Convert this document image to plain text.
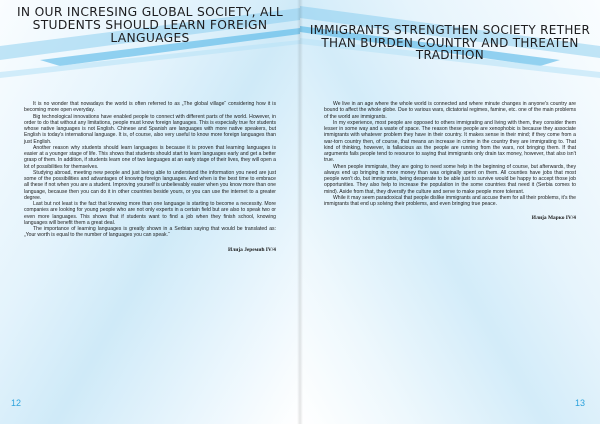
IN OUR INCRESING GLOBAL SOCIETY, ALL STUDENTS SHOULD LEARN FOREIGN LANGUAGES

It is no wonder that nowadays the world is often referred to as „The global village“ considering how it is becoming more open everyday.

Big technological innovations have enabled people to connect with different parts of the world. However, in order to do that without any limitations, people must know foreign languages. This is especially true for students whose native languages is not English. Chinese and Spanish are languages with more native speakers, but English is today's international language. It is, of course, also very useful to know more foreign languages than just English.

Another reason why students should learn languages is because it is proven that learning languages is easier at a younger stage of life. This shows that students should start to learn languages early and get a better grasp of them. In addition, if students learn one of two languages at an early stage of their lives, they will open a lot of possibilities for themselves.

Studying abroad, meeting new people and just being able to understand the information you need are just some of the possibilities and advantages of knowing foreign languages. And when is the best time to embrace all these if not when you are a student. Improving yourself is unbelievably easier when you know more than one language, because then you can do it in other countries beside yours, or you can use the internet to a greater degree.

Last but not least is the fact that knowing more than one language is starting to become a necessity. More companies are looking for young people who are not only experts in a certain field but are also to speak two or even more languages. This shows that if students want to find a job when they finish school, knowing languages will benefit them a great deal.

The importance of learning languages is greatly shown in a Serbian saying that would be translated as: „Your worth is equal to the number of languages you can speak.“

Илија Јеремић IV/4
12
IMMIGRANTS STRENGTHEN SOCIETY RETHER THAN BURDEN COUNTRY AND THREATEN TRADITION

We live in an age where the whole world is connected and where minute changes in anyone's country are bound to affect the whole globe. Due to various wars, dictatorial regimes, famine, etc. one of the main problems of the world are immigrants.

In my experience, most people are opposed to others immigrating and living with them, they consider them lesser in some way and a waste of space. The reason these people are xenophobic is because they associate immigrants with whatever problem they have in their country. It makes sense in their mind; if they come from a war-torn country then, of course, that means an increase in crime in the country they are immigrating to. That kind of thinking, however, is fallacious as the people are running from the wars, not bringing them. If that arguments fails people tend to resource to saying that immigrants only drain tax money, however, that also isn't true.

When people immigrate, they are going to need some help in the beginning of course, but afterwards, they always end up bringing in more money than was originally spent on them. All counties have jobs that most people won't do, but immigrants, being desperate to be able just to survive would be happy to accept those job opportunities. They also help to increase the population in the some countries that need it (Serbia comes to mind). Aside from that, they diversify the culture and serve to make people more tolerant.

While it may seem paradoxical that people dislike immigrants and accuse them for all their problems, it's the immigrants that end up solving their problems, and even bringing true peace.

Илија Марко IV/4
13
